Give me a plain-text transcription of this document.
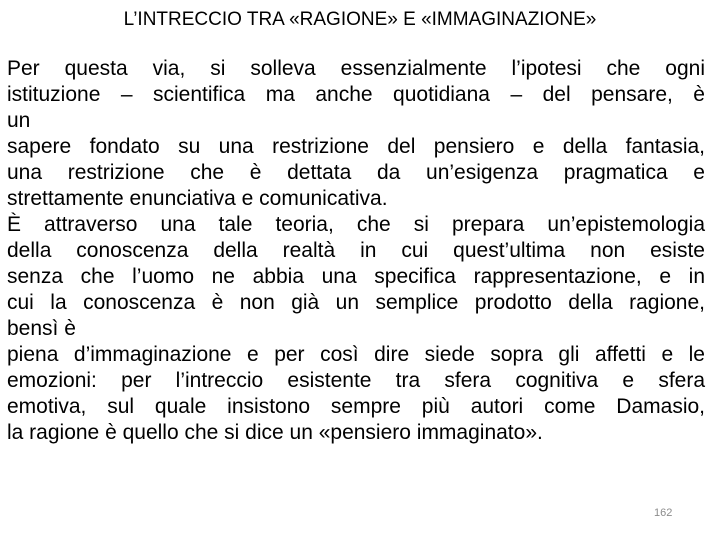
L’INTRECCIO TRA «RAGIONE» E «IMMAGINAZIONE»
Per questa via, si solleva essenzialmente l’ipotesi che ogni
istituzione – scientifica ma anche quotidiana – del pensare, è
un
sapere fondato su una restrizione del pensiero e della fantasia,
una restrizione che è dettata da un’esigenza pragmatica e
strettamente enunciativa e comunicativa.
È attraverso una tale teoria, che si prepara un’epistemologia
della conoscenza della realtà in cui quest’ultima non esiste
senza che l’uomo ne abbia una specifica rappresentazione, e in
cui la conoscenza è non già un semplice prodotto della ragione,
bensì è
piena d’immaginazione e per così dire siede sopra gli affetti e le
emozioni: per l’intreccio esistente tra sfera cognitiva e sfera
emotiva, sul quale insistono sempre più autori come Damasio,
la ragione è quello che si dice un «pensiero immaginato».
162
